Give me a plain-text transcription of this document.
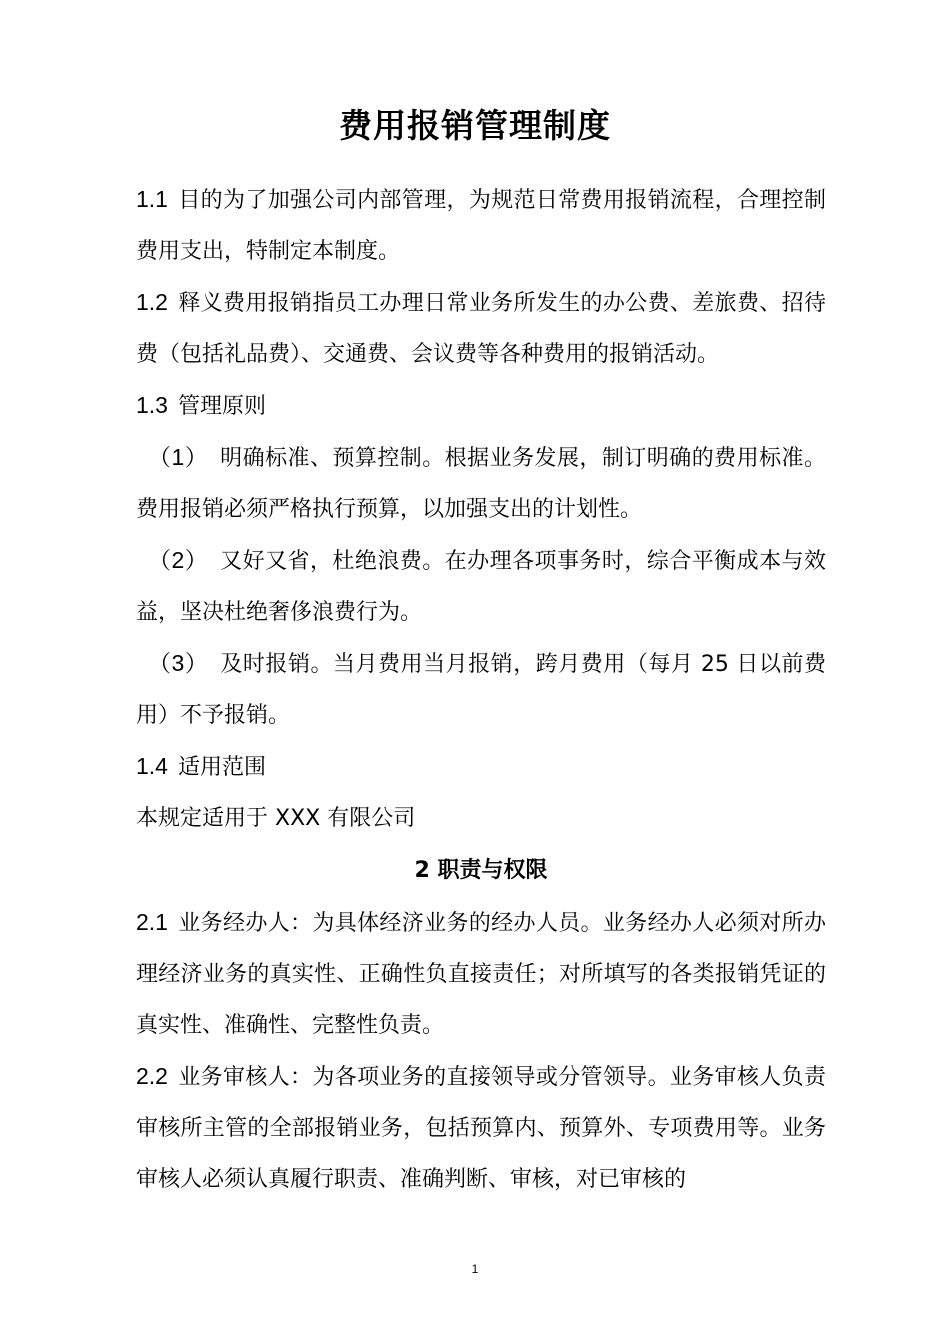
费用报销管理制度

1.1 目的为了加强公司内部管理，为规范日常费用报销流程，合理控制费用支出，特制定本制度。

1.2 释义费用报销指员工办理日常业务所发生的办公费、差旅费、招待费（包括礼品费）、交通费、会议费等各种费用的报销活动。

1.3 管理原则

（1） 明确标准、预算控制。根据业务发展，制订明确的费用标准。费用报销必须严格执行预算，以加强支出的计划性。

（2） 又好又省，杜绝浪费。在办理各项事务时，综合平衡成本与效益，坚决杜绝奢侈浪费行为。

（3） 及时报销。当月费用当月报销，跨月费用（每月 25 日以前费用）不予报销。

1.4 适用范围

本规定适用于 XXX 有限公司

2 职责与权限

2.1 业务经办人：为具体经济业务的经办人员。业务经办人必须对所办理经济业务的真实性、正确性负直接责任；对所填写的各类报销凭证的真实性、准确性、完整性负责。

2.2 业务审核人：为各项业务的直接领导或分管领导。业务审核人负责审核所主管的全部报销业务，包括预算内、预算外、专项费用等。业务审核人必须认真履行职责、准确判断、审核，对已审核的

1
